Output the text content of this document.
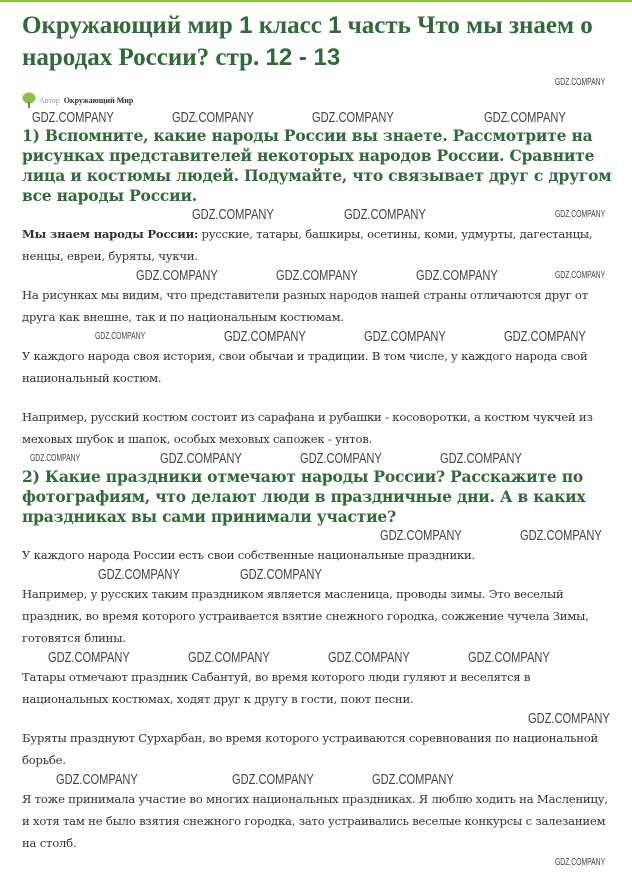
Окружающий мир 1 класс 1 часть Что мы знаем о народах России? стр. 12 - 13
GDZ.COMPANY
Автор Окружающий Мир
GDZ.COMPANY	GDZ.COMPANY	GDZ.COMPANY	GDZ.COMPANY
1) Вспомните, какие народы России вы знаете. Рассмотрите на рисунках представителей некоторых народов России. Сравните лица и костюмы людей. Подумайте, что связывает друг с другом все народы России.
GDZ.COMPANY	GDZ.COMPANY	GDZ.COMPANY

Мы знаем народы России: русские, татары, башкиры, осетины, коми, удмурты, дагестанцы, ненцы, евреи, буряты, чукчи.

GDZ.COMPANY	GDZ.COMPANY	GDZ.COMPANY	GDZ.COMPANY

На рисунках мы видим, что представители разных народов нашей страны отличаются друг от друга как внешне, так и по национальным костюмам.

GDZ.COMPANY	GDZ.COMPANY	GDZ.COMPANY	GDZ.COMPANY

У каждого народа своя история, свои обычаи и традиции. В том числе, у каждого народа свой национальный костюм.

Например, русский костюм состоит из сарафана и рубашки - косоворотки, а костюм чукчей из меховых шубок и шапок, особых меховых сапожек - унтов.

GDZ.COMPANY	GDZ.COMPANY	GDZ.COMPANY	GDZ.COMPANY
2) Какие праздники отмечают народы России? Расскажите по фотографиям, что делают люди в праздничные дни. А в каких праздниках вы сами принимали участие?
GDZ.COMPANY	GDZ.COMPANY

У каждого народа России есть свои собственные национальные праздники.

GDZ.COMPANY	GDZ.COMPANY

Например, у русских таким праздником является масленица, проводы зимы. Это веселый праздник, во время которого устраивается взятие снежного городка, сожжение чучела Зимы, готовятся блины.

GDZ.COMPANY	GDZ.COMPANY	GDZ.COMPANY	GDZ.COMPANY

Татары отмечают праздник Сабантуй, во время которого люди гуляют и веселятся в национальных костюмах, ходят друг к другу в гости, поют песни.

GDZ.COMPANY

Буряты празднуют Сурхарбан, во время которого устраиваются соревнования по национальной борьбе.

GDZ.COMPANY	GDZ.COMPANY	GDZ.COMPANY

Я тоже принимала участие во многих национальных праздниках. Я люблю ходить на Масленицу, и хотя там не было взятия снежного городка, зато устраивались веселые конкурсы с залезанием на столб.

GDZ.COMPANY
